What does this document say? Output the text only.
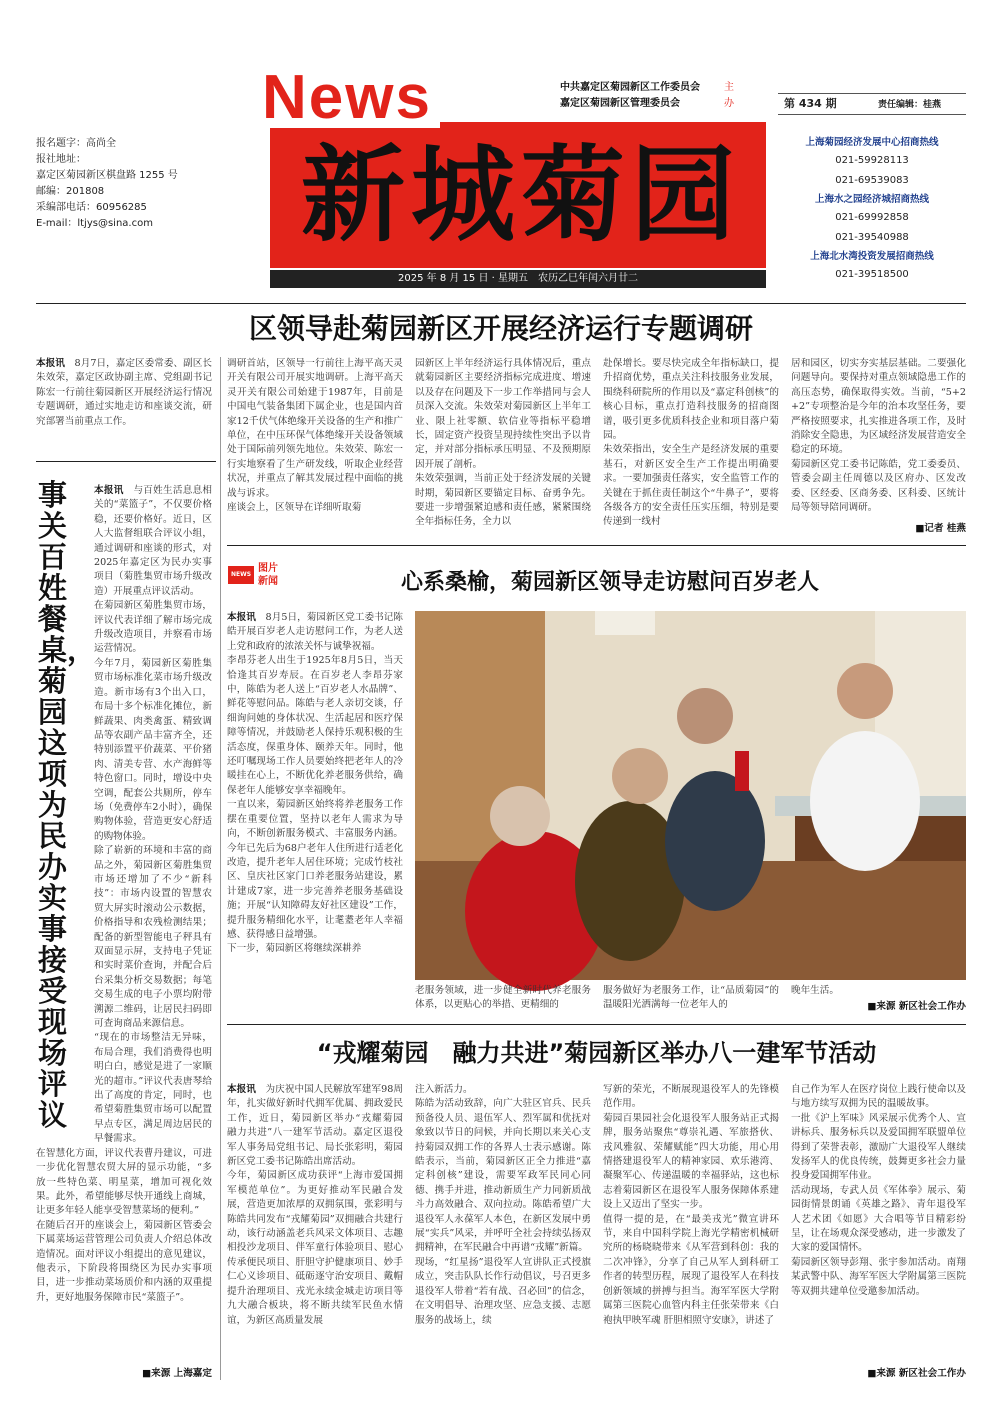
报名题字：高尚全
报社地址：
嘉定区菊园新区棋盘路 1255 号
邮编：201808
采编部电话：60956285
E-mail：ltjys@sina.com
News	中共嘉定区菊园新区工作委员会
嘉定区菊园新区管理委员会
主办
新城菊园
2025 年 8 月 15 日 · 星期五　农历乙巳年闰六月廿二
第 434 期	责任编辑：桂燕
上海菊园经济发展中心招商热线
021-59928113
021-69539083
上海水之园经济城招商热线
021-69992858
021-39540988
上海北水湾投资发展招商热线
021-39518500
区领导赴菊园新区开展经济运行专题调研
本报讯　 8月7日，嘉定区委常委、副区长朱效荣，嘉定区政协副主席、党组副书记陈宏一行前往菊园新区开展经济运行情况专题调研，通过实地走访和座谈交流，研究部署当前重点工作。
调研首站，区领导一行前往上海平高天灵开关有限公司开展实地调研。上海平高天灵开关有限公司始建于1987年，目前是中国电气装备集团下属企业，也是国内首家12千伏气体绝缘开关设备的生产和推广单位，在中压环保气体绝缘开关设备领域处于国际前列领先地位。朱效荣、陈宏一行实地察看了生产研发线，听取企业经营状况，并重点了解其发展过程中面临的挑战与诉求。
座谈会上，区领导在详细听取菊
园新区上半年经济运行具体情况后，重点就菊园新区主要经济指标完成进度、增速以及存在问题及下一步工作举措同与会人员深入交流。朱效荣对菊园新区上半年工业、限上社零额、软信业等指标平稳增长，固定资产投资呈现持续性突出予以肯定，并对部分指标承压明显、不及预期原因开展了剖析。
朱效荣强调，当前正处于经济发展的关键时期，菊园新区要锚定目标、奋勇争先。要进一步增强紧迫感和责任感，紧紧围绕全年指标任务，全力以
赴保增长。要尽快完成全年指标缺口，提升招商优势，重点关注科技服务业发展，围绕科研院所的作用以及“嘉定科创核”的核心目标，重点打造科技服务的招商图谱，吸引更多优质科技企业和项目落户菊园。
朱效荣指出，安全生产是经济发展的重要基石，对新区安全生产工作提出明确要求。一要加强责任落实，安全监管工作的关键在于抓住责任制这个“牛鼻子”，要将各级各方的安全责任压实压细，特别是要传递到一线村
居和园区，切实夯实基层基础。二要强化问题导向。要保持对重点领域隐患工作的高压态势，确保取得实效。当前，“5+2+2”专项整治是今年的治本攻坚任务，要严格按照要求，扎实推进各项工作，及时消除安全隐患，为区域经济发展营造安全稳定的环境。
菊园新区党工委书记陈皓，党工委委员、管委会副主任周德以及区府办、区发改委、区经委、区商务委、区科委、区统计局等领导陪同调研。
■记者 桂燕
事关百姓餐桌，菊园这项为民办实事接受现场评议
本报讯　 与百姓生活息息相关的“菜篮子”，不仅要价格稳，还要价格好。近日，区人大监督组联合评议小组，通过调研和座谈的形式，对2025年嘉定区为民办实事项目（菊胜集贸市场升级改造）开展重点评议活动。
在菊园新区菊胜集贸市场，评议代表详细了解市场完成升级改造项目，并察看市场运营情况。
今年7月，菊园新区菊胜集贸市场标准化菜市场升级改造。新市场有3个出入口，布局十多个标准化摊位，新鲜蔬果、肉类禽蛋、精致调品等农副产品丰富齐全，还特别添置平价蔬菜、平价猪肉、清美专营、水产海鲜等特色窗口。同时，增设中央空调，配套公共厕所，停车场（免费停车2小时），确保购物体验，营造更安心舒适的购物体验。
除了崭新的环境和丰富的商品之外，菊园新区菊胜集贸市场还增加了不少“新科技”：市场内设置的智慧农贸大屏实时滚动公示数据，价格指导和农残检测结果；配备的新型智能电子秤具有双面显示屏，支持电子凭证和实时菜价查询，并配合后台采集分析交易数据；每笔交易生成的电子小票均附带溯源二维码，让居民扫码即可查询商品来源信息。
“现在的市场整洁无异味，布局合理，我们消费得也明明白白，感觉是进了一家顺光的超市。”评议代表唐琴给出了高度的肯定，同时，也希望菊胜集贸市场可以配置早点专区，满足周边居民的早餐需求。
在智慧化方面，评议代表曹丹建议，可进一步优化智慧农贸大屏的显示功能，“多放一些特色菜、明星菜，增加可视化效果。此外，希望能够尽快开通线上商城，让更多年轻人能享受智慧菜场的便利。”
在随后召开的座谈会上，菊园新区管委会下属菜场运营管理公司负责人介绍总体改造情况。面对评议小组提出的意见建议，他表示，下阶段将围绕区为民办实事项目，进一步推动菜场质价和内涵的双重提升，更好地服务保障市民“菜篮子”。
■来源 上海嘉定
NEWS
图片
新闻	心系桑榆，菊园新区领导走访慰问百岁老人
本报讯　 8月5日，菊园新区党工委书记陈皓开展百岁老人走访慰问工作，为老人送上党和政府的浓浓关怀与诚挚祝福。
李昂芬老人出生于1925年8月5日，当天恰逢其百岁寿辰。在百岁老人李昂芬家中，陈皓为老人送上“百岁老人水晶牌”、鲜花等慰问品。陈皓与老人亲切交谈，仔细询问她的身体状况、生活起居和医疗保障等情况，并鼓励老人保持乐观积极的生活态度，保重身体、颐养天年。同时，他还叮嘱现场工作人员要始终把老年人的冷暖挂在心上，不断优化养老服务供给，确保老年人能够安享幸福晚年。
一直以来，菊园新区始终将养老服务工作摆在重要位置，坚持以老年人需求为导向，不断创新服务模式、丰富服务内涵。今年已先后为68户老年人住所进行适老化改造，提升老年人居住环境；完成竹枝社区、皇庆社区家门口养老服务站建设，累计建成7家，进一步完善养老服务基础设施；开展“认知障碍友好社区建设”工作，提升服务精细化水平，让耄耋老年人幸福感、获得感日益增强。
下一步，菊园新区将继续深耕养
老服务领域，进一步健全新时代养老服务体系，以更贴心的举措、更精细的
服务做好为老服务工作，让“品质菊园”的温暖阳光洒满每一位老年人的
晚年生活。
■来源 新区社会工作办
“戎耀菊园　融力共进”菊园新区举办八一建军节活动
本报讯　 为庆祝中国人民解放军建军98周年，扎实做好新时代拥军优属、拥政爱民工作，近日，菊园新区举办“戎耀菊园　融力共进”八一建军节活动。嘉定区退役军人事务局党组书记、局长张彩明，菊园新区党工委书记陈皓出席活动。
今年，菊园新区成功获评“上海市爱国拥军模范单位”。为更好推动军民融合发展，营造更加浓厚的双拥氛围，张彩明与陈皓共同发布“戎耀菊园”双拥融合共建行动，该行动涵盖老兵风采文体项目、志趣相投沙龙项目、伴军童行体验项目、慰心传承便民项目、肝胆守护健康项目、妙手仁心义诊项目、砥砺逐守治安项目、戴帽提升治理项目、戎光永续金城走访项目等九大融合板块，将不断共续军民鱼水情谊，为新区高质量发展
注入新活力。
陈皓为活动致辞，向广大驻区官兵、民兵预备役人员、退伍军人、烈军属和优抚对象致以节日的问候，并向长期以来关心支持菊园双拥工作的各界人士表示感谢。陈皓表示，当前，菊园新区正全力推进“嘉定科创核”建设，需要军政军民同心同德、携手并进，推动新质生产力同新质战斗力高效融合、双向拉动。陈皓希望广大退役军人永葆军人本色，在新区发展中勇展“实兵”风采，并呼吁全社会持续弘扬双拥精神，在军民融合中再谱“戎耀”新篇。
现场，“红星扬”退役军人宣讲队正式授旗成立，突击队队长作行动倡议，号召更多退役军人带着“若有战、召必回”的信念，在文明倡导、治理攻坚、应急支援、志愿服务的战场上，续
写新的荣光，不断展现退役军人的先锋模范作用。
菊园百果园社会化退役军人服务站正式揭牌，服务站聚焦“尊崇礼遇、军旅搭伙、戎风雅叙、荣耀赋能”四大功能，用心用情搭建退役军人的精神家园、欢乐港湾、凝聚军心、传递温暖的幸福驿站，这也标志着菊园新区在退役军人服务保障体系建设上又迈出了坚实一步。
值得一提的是，在“最美戎光”微宣讲环节，来自中国科学院上海光学精密机械研究所的杨晓晓带来《从军营到科创：我的二次冲锋》，分享了自己从军人到科研工作者的转型历程，展现了退役军人在科技创新领域的拼搏与担当。海军军医大学附属第三医院心血管内科主任张荣带来《白袍执甲映军魂 肝胆相照守安康》，讲述了
自己作为军人在医疗岗位上践行使命以及与地方续写双拥为民的温暖故事。
一批《沪上军味》风采展示优秀个人、宣讲标兵、服务标兵以及爱国拥军联盟单位得到了荣誉表彰，激励广大退役军人继续发扬军人的优良传统，鼓舞更多社会力量投身爱国拥军伟业。
活动现场，专武人员《军体拳》展示、菊园街情景朗诵《英雄之路》、青年退役军人艺术团《如愿》大合唱等节目精彩纷呈，让在场观众深受感动，进一步激发了大家的爱国情怀。
菊园新区领导彭翔、张宇参加活动。南翔某武警中队、海军军医大学附属第三医院等双拥共建单位受邀参加活动。
■来源 新区社会工作办
